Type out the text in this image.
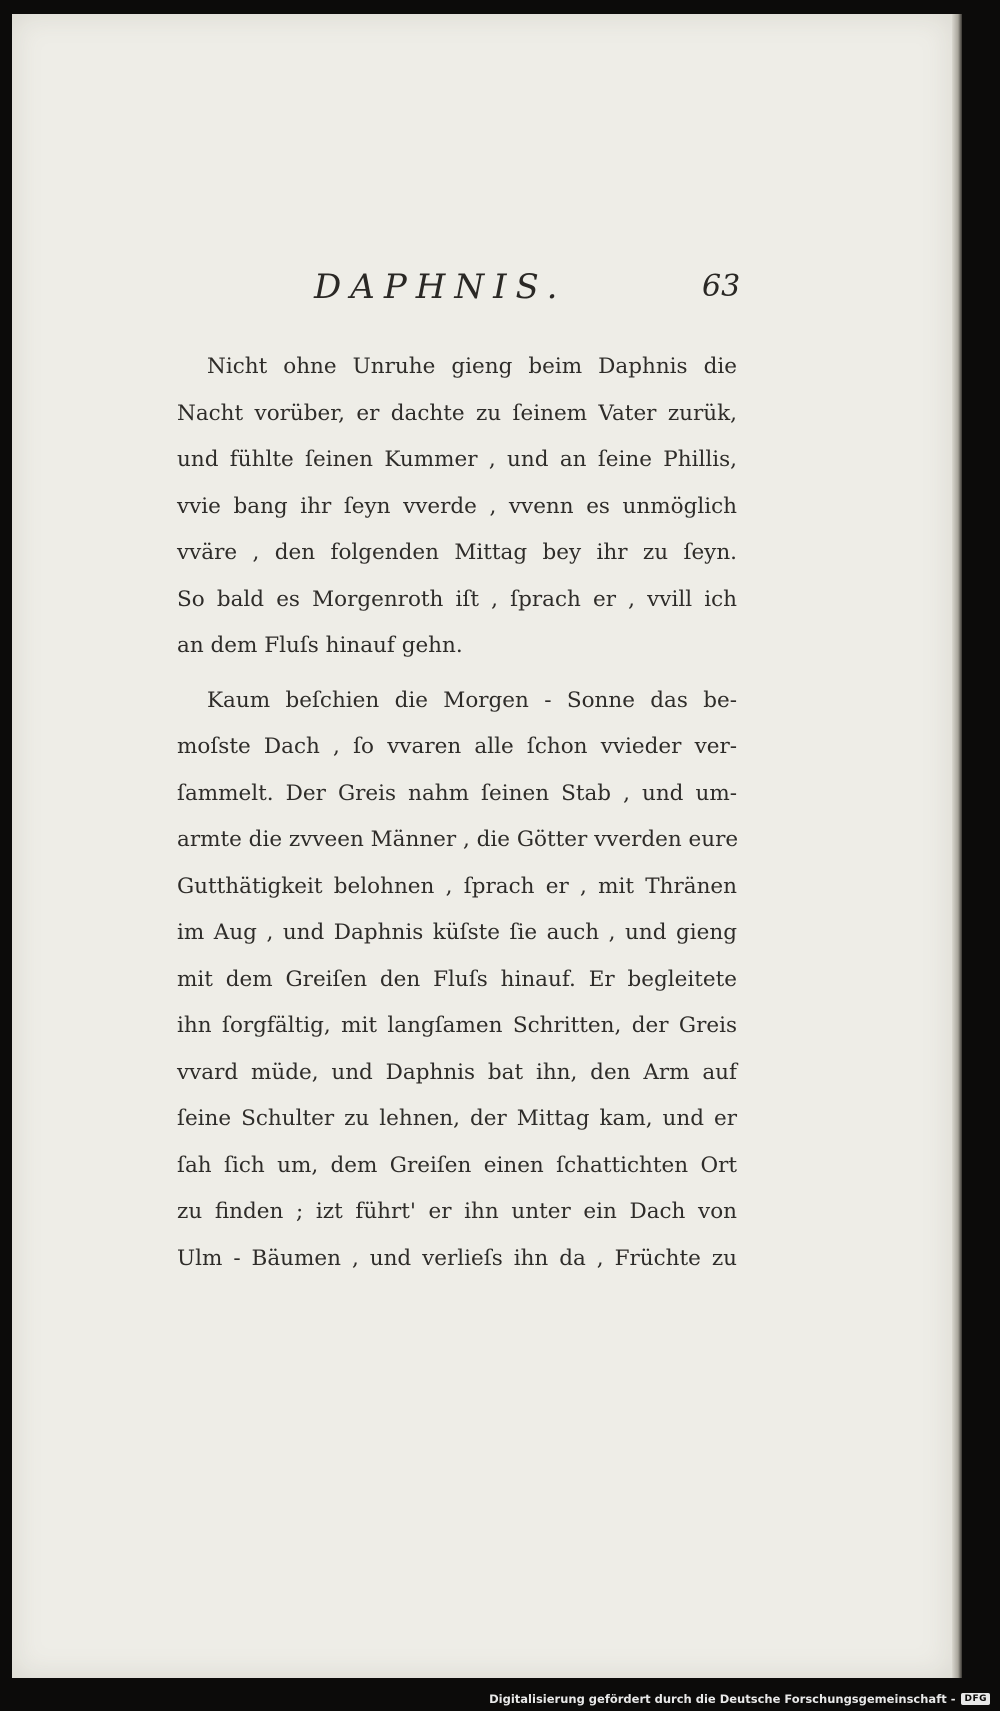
DAPHNIS.	63
Nicht ohne Unruhe gieng beim Daphnis die
Nacht vorüber, er dachte zu ſeinem Vater zurük,
und fühlte ſeinen Kummer , und an ſeine Phillis,
vvie bang ihr ſeyn vverde , vvenn es unmöglich
vväre , den folgenden Mittag bey ihr zu ſeyn.
So bald es Morgenroth iſt , ſprach er , vvill ich
an dem Fluſs hinauf gehn.
Kaum beſchien die Morgen - Sonne das be-
moſste Dach , ſo vvaren alle ſchon vvieder ver-
ſammelt. Der Greis nahm ſeinen Stab , und um-
armte die zvveen Männer , die Götter vverden eure
Gutthätigkeit belohnen , ſprach er , mit Thränen
im Aug , und Daphnis küſste ſie auch , und gieng
mit dem Greiſen den Fluſs hinauf. Er begleitete
ihn ſorgfältig, mit langſamen Schritten, der Greis
vvard müde, und Daphnis bat ihn, den Arm auf
ſeine Schulter zu lehnen, der Mittag kam, und er
ſah ſich um, dem Greiſen einen ſchattichten Ort
zu finden ; izt führt' er ihn unter ein Dach von
Ulm - Bäumen , und verlieſs ihn da , Früchte zu
Digitalisierung gefördert durch die Deutsche Forschungsgemeinschaft -	DFG
